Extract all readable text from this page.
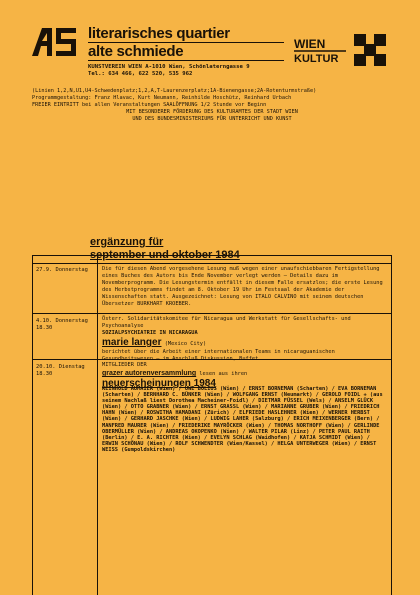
literarisches quartier
alte schmiede	WIEN
KULTUR
KUNSTVEREIN WIEN A-1010 Wien, Schönlaterngasse 9
Tel.: 634 466, 622 520, 535 962
(Linien 1,2,N,U1,U4-Schwedenplatz;1,2,A,T-Laurenzerplatz;1A-Bienengasse;2A-Rotenturmstraße)
Programmgestaltung: Franz Hlavac, Kurt Neumann, Reinhilde Hoschütz, Reinhard Urbach
FREIER EINTRITT bei allen Veranstaltungen SAALÖFFNUNG 1/2 Stunde vor Beginn
MIT BESONDERER FÖRDERUNG DES KULTURAMTES DER STADT WIEN
UND DES BUNDESMINISTERIUMS FÜR UNTERRICHT UND KUNST
ergänzung für
september und oktober 1984
27.9. Donnerstag	Die für diesen Abend vorgesehene Lesung muß wegen einer unaufschiebbaren Fertigstellung eines Buches des Autors bis Ende November verlegt werden – Details dazu im Novemberprogramm. Die Lesungstermin entfällt in diesem Falle ersatzlos; die erste Lesung des Herbstprogramms findet am 8. Oktober 19 Uhr im Festsaal der Akademie der Wissenschaften statt. Ausgezeichnet: Lesung von ITALO CALVINO mit seinem deutschen Übersetzer BURKHART KROEBER.
4.10. Donnerstag
18.30
Österr. Solidaritätskomitee für Nicaragua und Werkstatt für Gesellschafts- und Psychoanalyse
SOZIALPSYCHIATRIE IN NICARAGUA
marie langer (Mexico City)
berichtet über die Arbeit einer internationalen Teams in nicaraguanischen Gesundheitswesen – im Anschluß Diskussion, Buffet.
20.10. Dienstag
18.30
MITGLIEDER DER
grazer autorenversammlung lesen aus ihren
neuerscheinungen 1984
REINHOLD AUMAIER (Wien) / UWE BOLIUS (Wien) / ERNST BORNEMAN (Scharten) / EVA BORNEMAN (Scharten) / BERNHARD C. BÜNKER (Wien) / WOLFGANG ERNST (Neumarkt) / GEROLD FOIDL + (aus seinem Nachlaß liest Dorothea Macheiner-Foidl) / DIETMAR FÜSSEL (Wels) / ANSELM GLÜCK (Wien) / OTTO GRABNER (Wien) / ERNST GRASSL (Wien) / MARIANNE GRUBER (Wien) / FRIEDRICH HAHN (Wien) / ROSWITHA HAMADANI (Zürich) / ELFRIEDE HASLEHNER (Wien) / WERNER HERBST (Wien) / GERHARD JASCHKE (Wien) / LUDWIG LAHER (Salzburg) / ERICH MEIXENBERGER (Bern) / MANFRED MAURER (Wien) / FRIEDERIKE MAYRÖCKER (Wien) / THOMAS NORTHOFF (Wien) / GERLINDE OBERMÜLLER (Wien) / ANDREAS OKOPENKO (Wien) / WALTER PILAR (Linz) / PETER PAUL RAITH (Berlin) / E. A. RICHTER (Wien) / EVELYN SCHLAG (Waidhofen) / KATJA SCHMIDT (Wien) / ERWIN SCHÖNAU (Wien) / ROLF SCHWENDTER (Wien/Kassel) / HELGA UNTERWEGER (Wien) / ERNST WEISS (Gumpoldskirchen)
